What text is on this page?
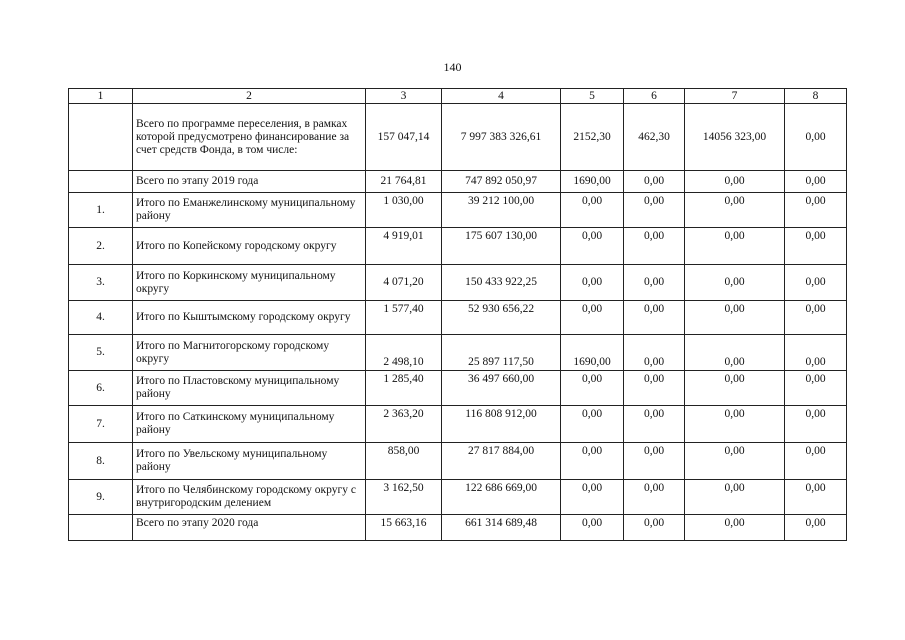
140
1	2	3	4	5	6	7	8
	Всего по программе переселения, в рамках которой предусмотрено финансирование за счет средств Фонда, в том числе:	157 047,14	7 997 383 326,61	2152,30	462,30	14056 323,00	0,00
	Всего по этапу 2019 года	21 764,81	747 892 050,97	1690,00	0,00	0,00	0,00
1.	Итого по Еманжелинскому муниципальному району	1 030,00	39 212 100,00	0,00	0,00	0,00	0,00
2.	Итого по Копейскому городскому округу	4 919,01	175 607 130,00	0,00	0,00	0,00	0,00
3.	Итого по Коркинскому муниципальному округу	4 071,20	150 433 922,25	0,00	0,00	0,00	0,00
4.	Итого по Кыштымскому городскому округу	1 577,40	52 930 656,22	0,00	0,00	0,00	0,00
5.	Итого по Магнитогорскому городскому округу	2 498,10	25 897 117,50	1690,00	0,00	0,00	0,00
6.	Итого по Пластовскому муниципальному району	1 285,40	36 497 660,00	0,00	0,00	0,00	0,00
7.	Итого по Саткинскому муниципальному району	2 363,20	116 808 912,00	0,00	0,00	0,00	0,00
8.	Итого по Увельскому муниципальному району	858,00	27 817 884,00	0,00	0,00	0,00	0,00
9.	Итого по Челябинскому городскому округу с внутригородским делением	3 162,50	122 686 669,00	0,00	0,00	0,00	0,00
	Всего по этапу 2020 года	15 663,16	661 314 689,48	0,00	0,00	0,00	0,00
